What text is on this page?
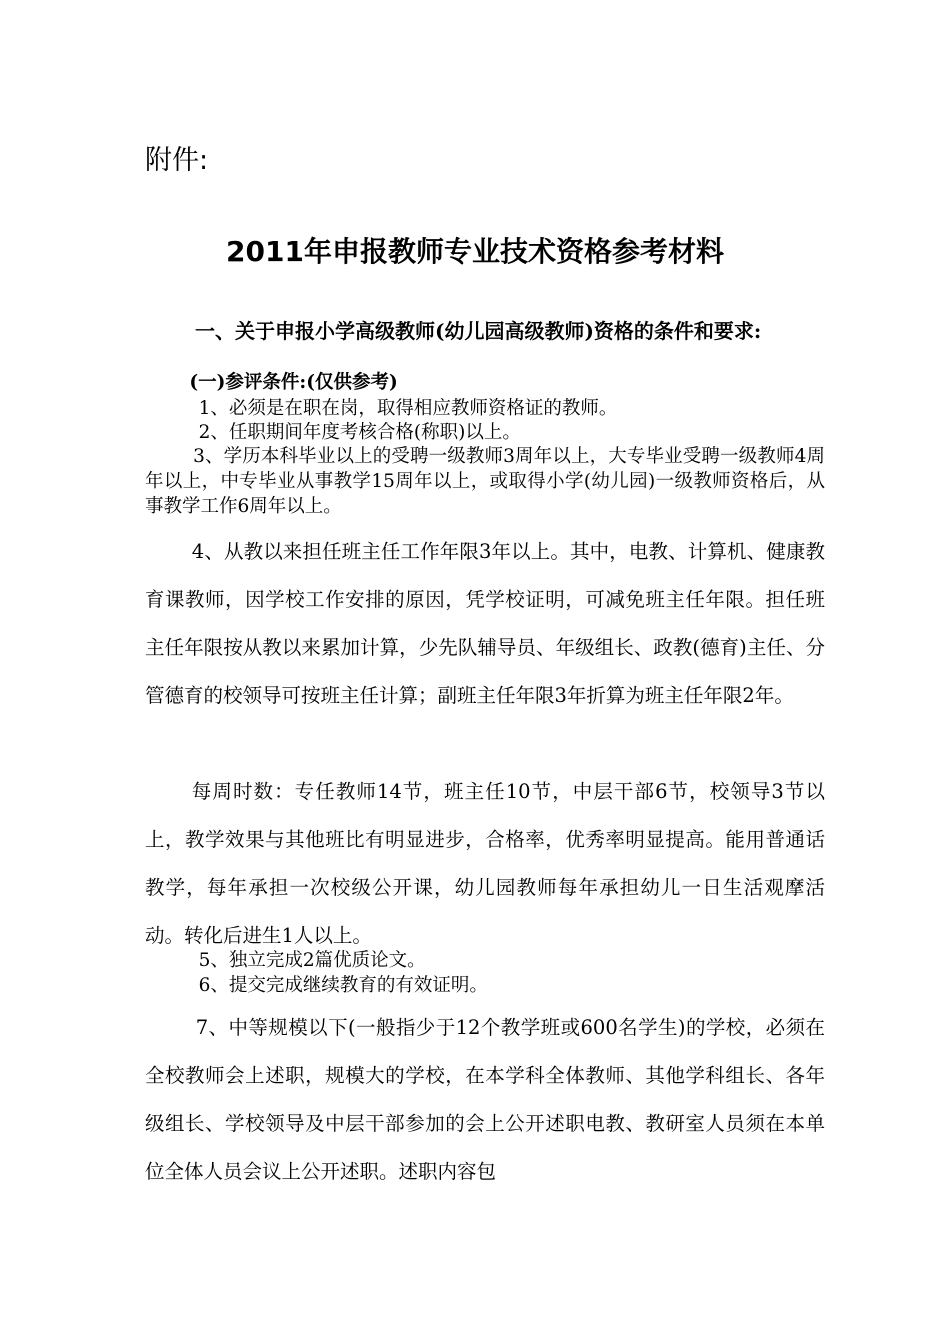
附件:

2011年申报教师专业技术资格参考材料

一、关于申报小学高级教师(幼儿园高级教师)资格的条件和要求:

(一)参评条件:(仅供参考)

1、必须是在职在岗，取得相应教师资格证的教师。

2、任职期间年度考核合格(称职)以上。

3、学历本科毕业以上的受聘一级教师3周年以上，大专毕业受聘一级教师4周年以上，中专毕业从事教学15周年以上，或取得小学(幼儿园)一级教师资格后，从事教学工作6周年以上。

4、从教以来担任班主任工作年限3年以上。其中，电教、计算机、健康教育课教师，因学校工作安排的原因，凭学校证明，可减免班主任年限。担任班主任年限按从教以来累加计算，少先队辅导员、年级组长、政教(德育)主任、分管德育的校领导可按班主任计算；副班主任年限3年折算为班主任年限2年。

每周时数：专任教师14节，班主任10节，中层干部6节，校领导3节以上，教学效果与其他班比有明显进步，合格率，优秀率明显提高。能用普通话教学，每年承担一次校级公开课，幼儿园教师每年承担幼儿一日生活观摩活动。转化后进生1人以上。

5、独立完成2篇优质论文。

6、提交完成继续教育的有效证明。

7、中等规模以下(一般指少于12个教学班或600名学生)的学校，必须在全校教师会上述职，规模大的学校，在本学科全体教师、其他学科组长、各年级组长、学校领导及中层干部参加的会上公开述职电教、教研室人员须在本单位全体人员会议上公开述职。述职内容包
